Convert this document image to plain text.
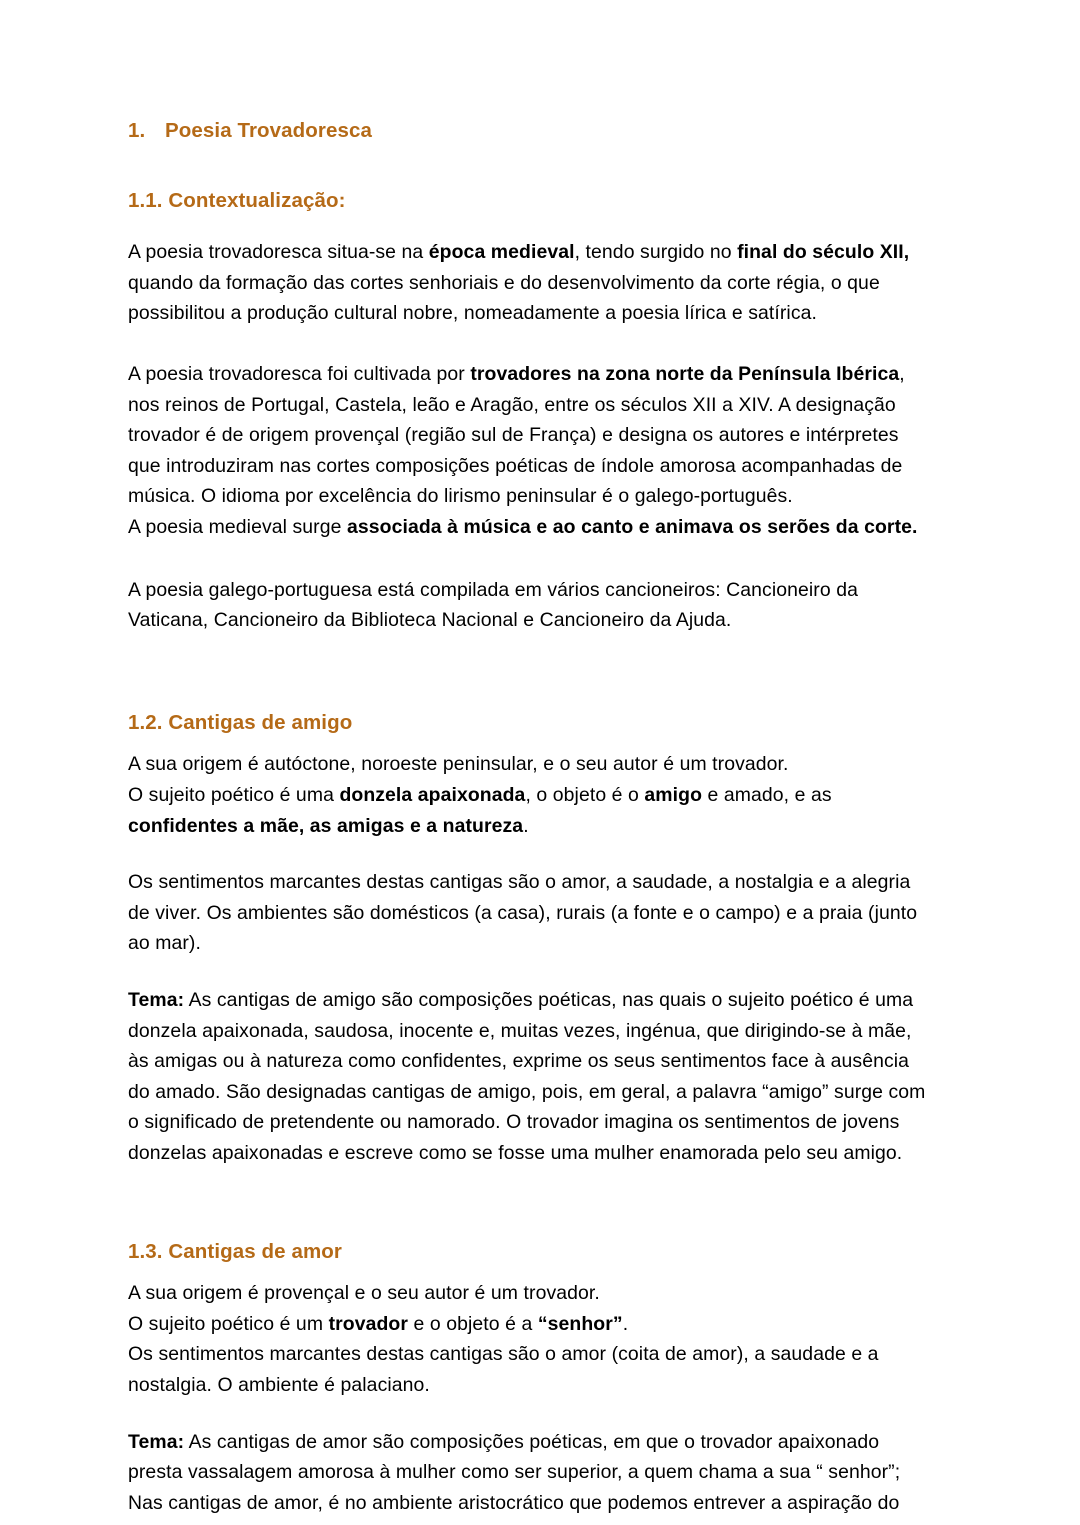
1. Poesia Trovadoresca
1.1. Contextualização:

A poesia trovadoresca situa-se na época medieval, tendo surgido no final do século XII, quando da formação das cortes senhoriais e do desenvolvimento da corte régia, o que possibilitou a produção cultural nobre, nomeadamente a poesia lírica e satírica.

A poesia trovadoresca foi cultivada por trovadores na zona norte da Península Ibérica, nos reinos de Portugal, Castela, leão e Aragão, entre os séculos XII a XIV. A designação trovador é de origem provençal (região sul de França) e designa os autores e intérpretes que introduziram nas cortes composições poéticas de índole amorosa acompanhadas de música. O idioma por excelência do lirismo peninsular é o galego-português.

A poesia medieval surge associada à música e ao canto e animava os serões da corte.

A poesia galego-portuguesa está compilada em vários cancioneiros: Cancioneiro da Vaticana, Cancioneiro da Biblioteca Nacional e Cancioneiro da Ajuda.

1.2. Cantigas de amigo

A sua origem é autóctone, noroeste peninsular, e o seu autor é um trovador.

O sujeito poético é uma donzela apaixonada, o objeto é o amigo e amado, e as confidentes a mãe, as amigas e a natureza.

Os sentimentos marcantes destas cantigas são o amor, a saudade, a nostalgia e a alegria de viver. Os ambientes são domésticos (a casa), rurais (a fonte e o campo) e a praia (junto ao mar).

Tema: As cantigas de amigo são composições poéticas, nas quais o sujeito poético é uma donzela apaixonada, saudosa, inocente e, muitas vezes, ingénua, que dirigindo-se à mãe, às amigas ou à natureza como confidentes, exprime os seus sentimentos face à ausência do amado. São designadas cantigas de amigo, pois, em geral, a palavra “amigo” surge com o significado de pretendente ou namorado. O trovador imagina os sentimentos de jovens donzelas apaixonadas e escreve como se fosse uma mulher enamorada pelo seu amigo.

1.3. Cantigas de amor

A sua origem é provençal e o seu autor é um trovador.

O sujeito poético é um trovador e o objeto é a “senhor”.

Os sentimentos marcantes destas cantigas são o amor (coita de amor), a saudade e a nostalgia. O ambiente é palaciano.

Tema: As cantigas de amor são composições poéticas, em que o trovador apaixonado presta vassalagem amorosa à mulher como ser superior, a quem chama a sua “ senhor”; Nas cantigas de amor, é no ambiente aristocrático que podemos entrever a aspiração do
